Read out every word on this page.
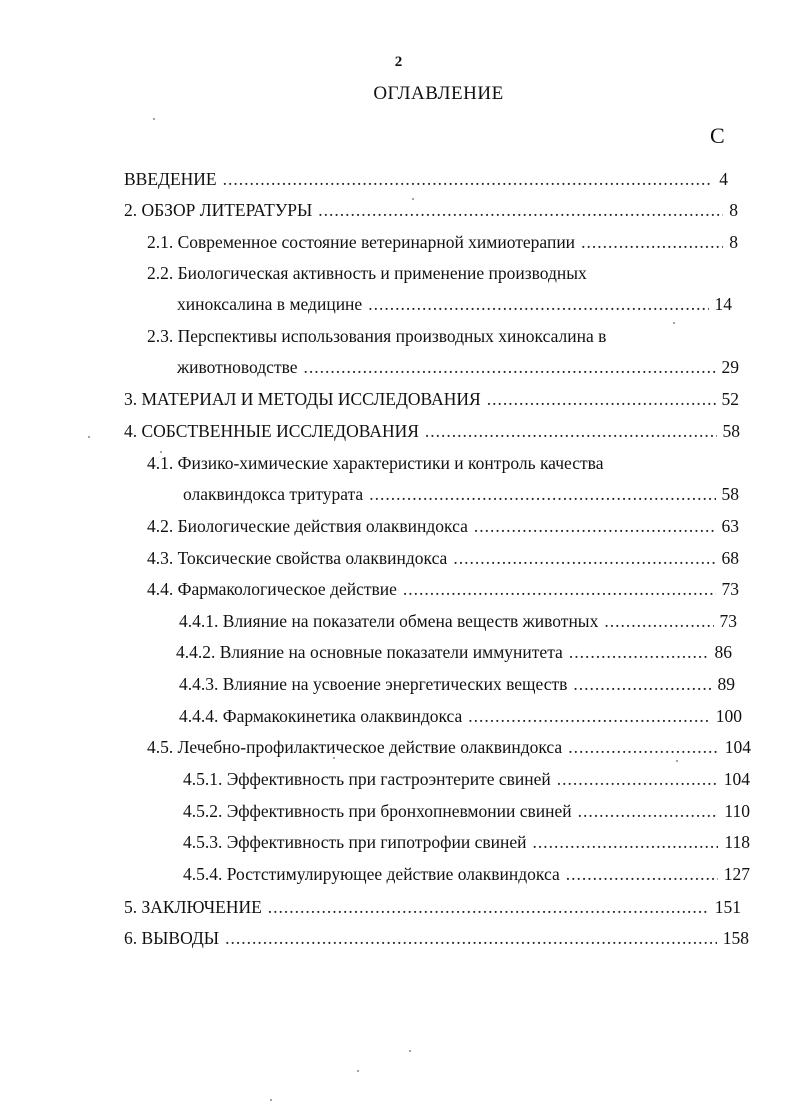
2
ОГЛАВЛЕНИЕ
С
ВВЕДЕНИЕ .....	4
2. ОБЗОР ЛИТЕРАТУРЫ .....	8
2.1. Современное состояние ветеринарной химиотерапии .....	8
2.2. Биологическая активность и применение производных
хиноксалина в медицине .....	14
2.3. Перспективы использования производных хиноксалина в
животноводстве .....	29
3. МАТЕРИАЛ И МЕТОДЫ ИССЛЕДОВАНИЯ .....	52
4. СОБСТВЕННЫЕ ИССЛЕДОВАНИЯ .....	58
4.1. Физико-химические характеристики и контроль качества
олаквиндокса тритурата .....	58
4.2. Биологические действия олаквиндокса .....	63
4.3. Токсические свойства олаквиндокса .....	68
4.4. Фармакологическое действие .....	73
4.4.1. Влияние на показатели обмена веществ животных .....	73
4.4.2. Влияние на основные показатели иммунитета .....	86
4.4.3. Влияние на усвоение энергетических веществ .....	89
4.4.4. Фармакокинетика олаквиндокса .....	100
4.5. Лечебно-профилактическое действие олаквиндокса .....	104
4.5.1. Эффективность при гастроэнтерите свиней .....	104
4.5.2. Эффективность при бронхопневмонии свиней .....	110
4.5.3. Эффективность при гипотрофии свиней .....	118
4.5.4. Ростстимулирующее действие олаквиндокса .....	127
5. ЗАКЛЮЧЕНИЕ .....	151
6. ВЫВОДЫ .....	158
